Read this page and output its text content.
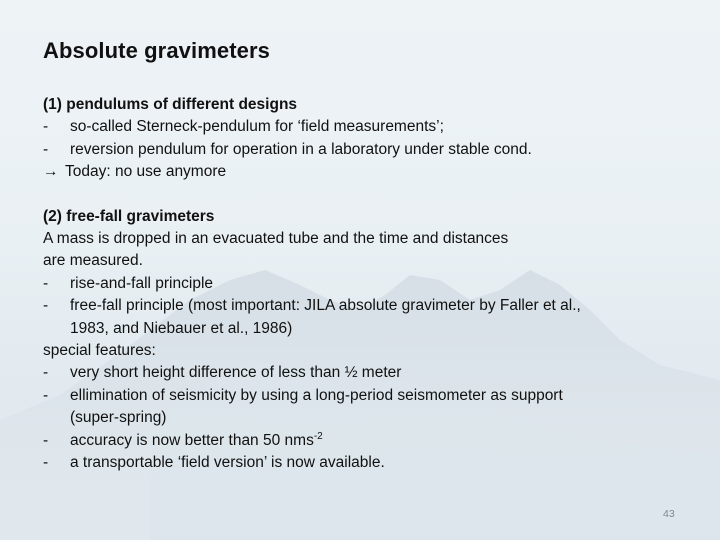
Absolute gravimeters
(1) pendulums of different designs
- so-called Sterneck-pendulum for ‘field measurements’;
- reversion pendulum for operation in a laboratory under stable cond.
→ Today: no use anymore
(2) free-fall gravimeters
A mass is dropped in an evacuated tube and the time and distances
are measured.
- rise-and-fall principle
- free-fall principle (most important: JILA absolute gravimeter by Faller et al.,
1983, and Niebauer et al., 1986)
special features:
- very short height difference of less than ½ meter
- ellimination of seismicity by using a long-period seismometer as support
(super-spring)
- accuracy is now better than 50 nms$^{-2}$
- a transportable ‘field version’ is now available.
43
